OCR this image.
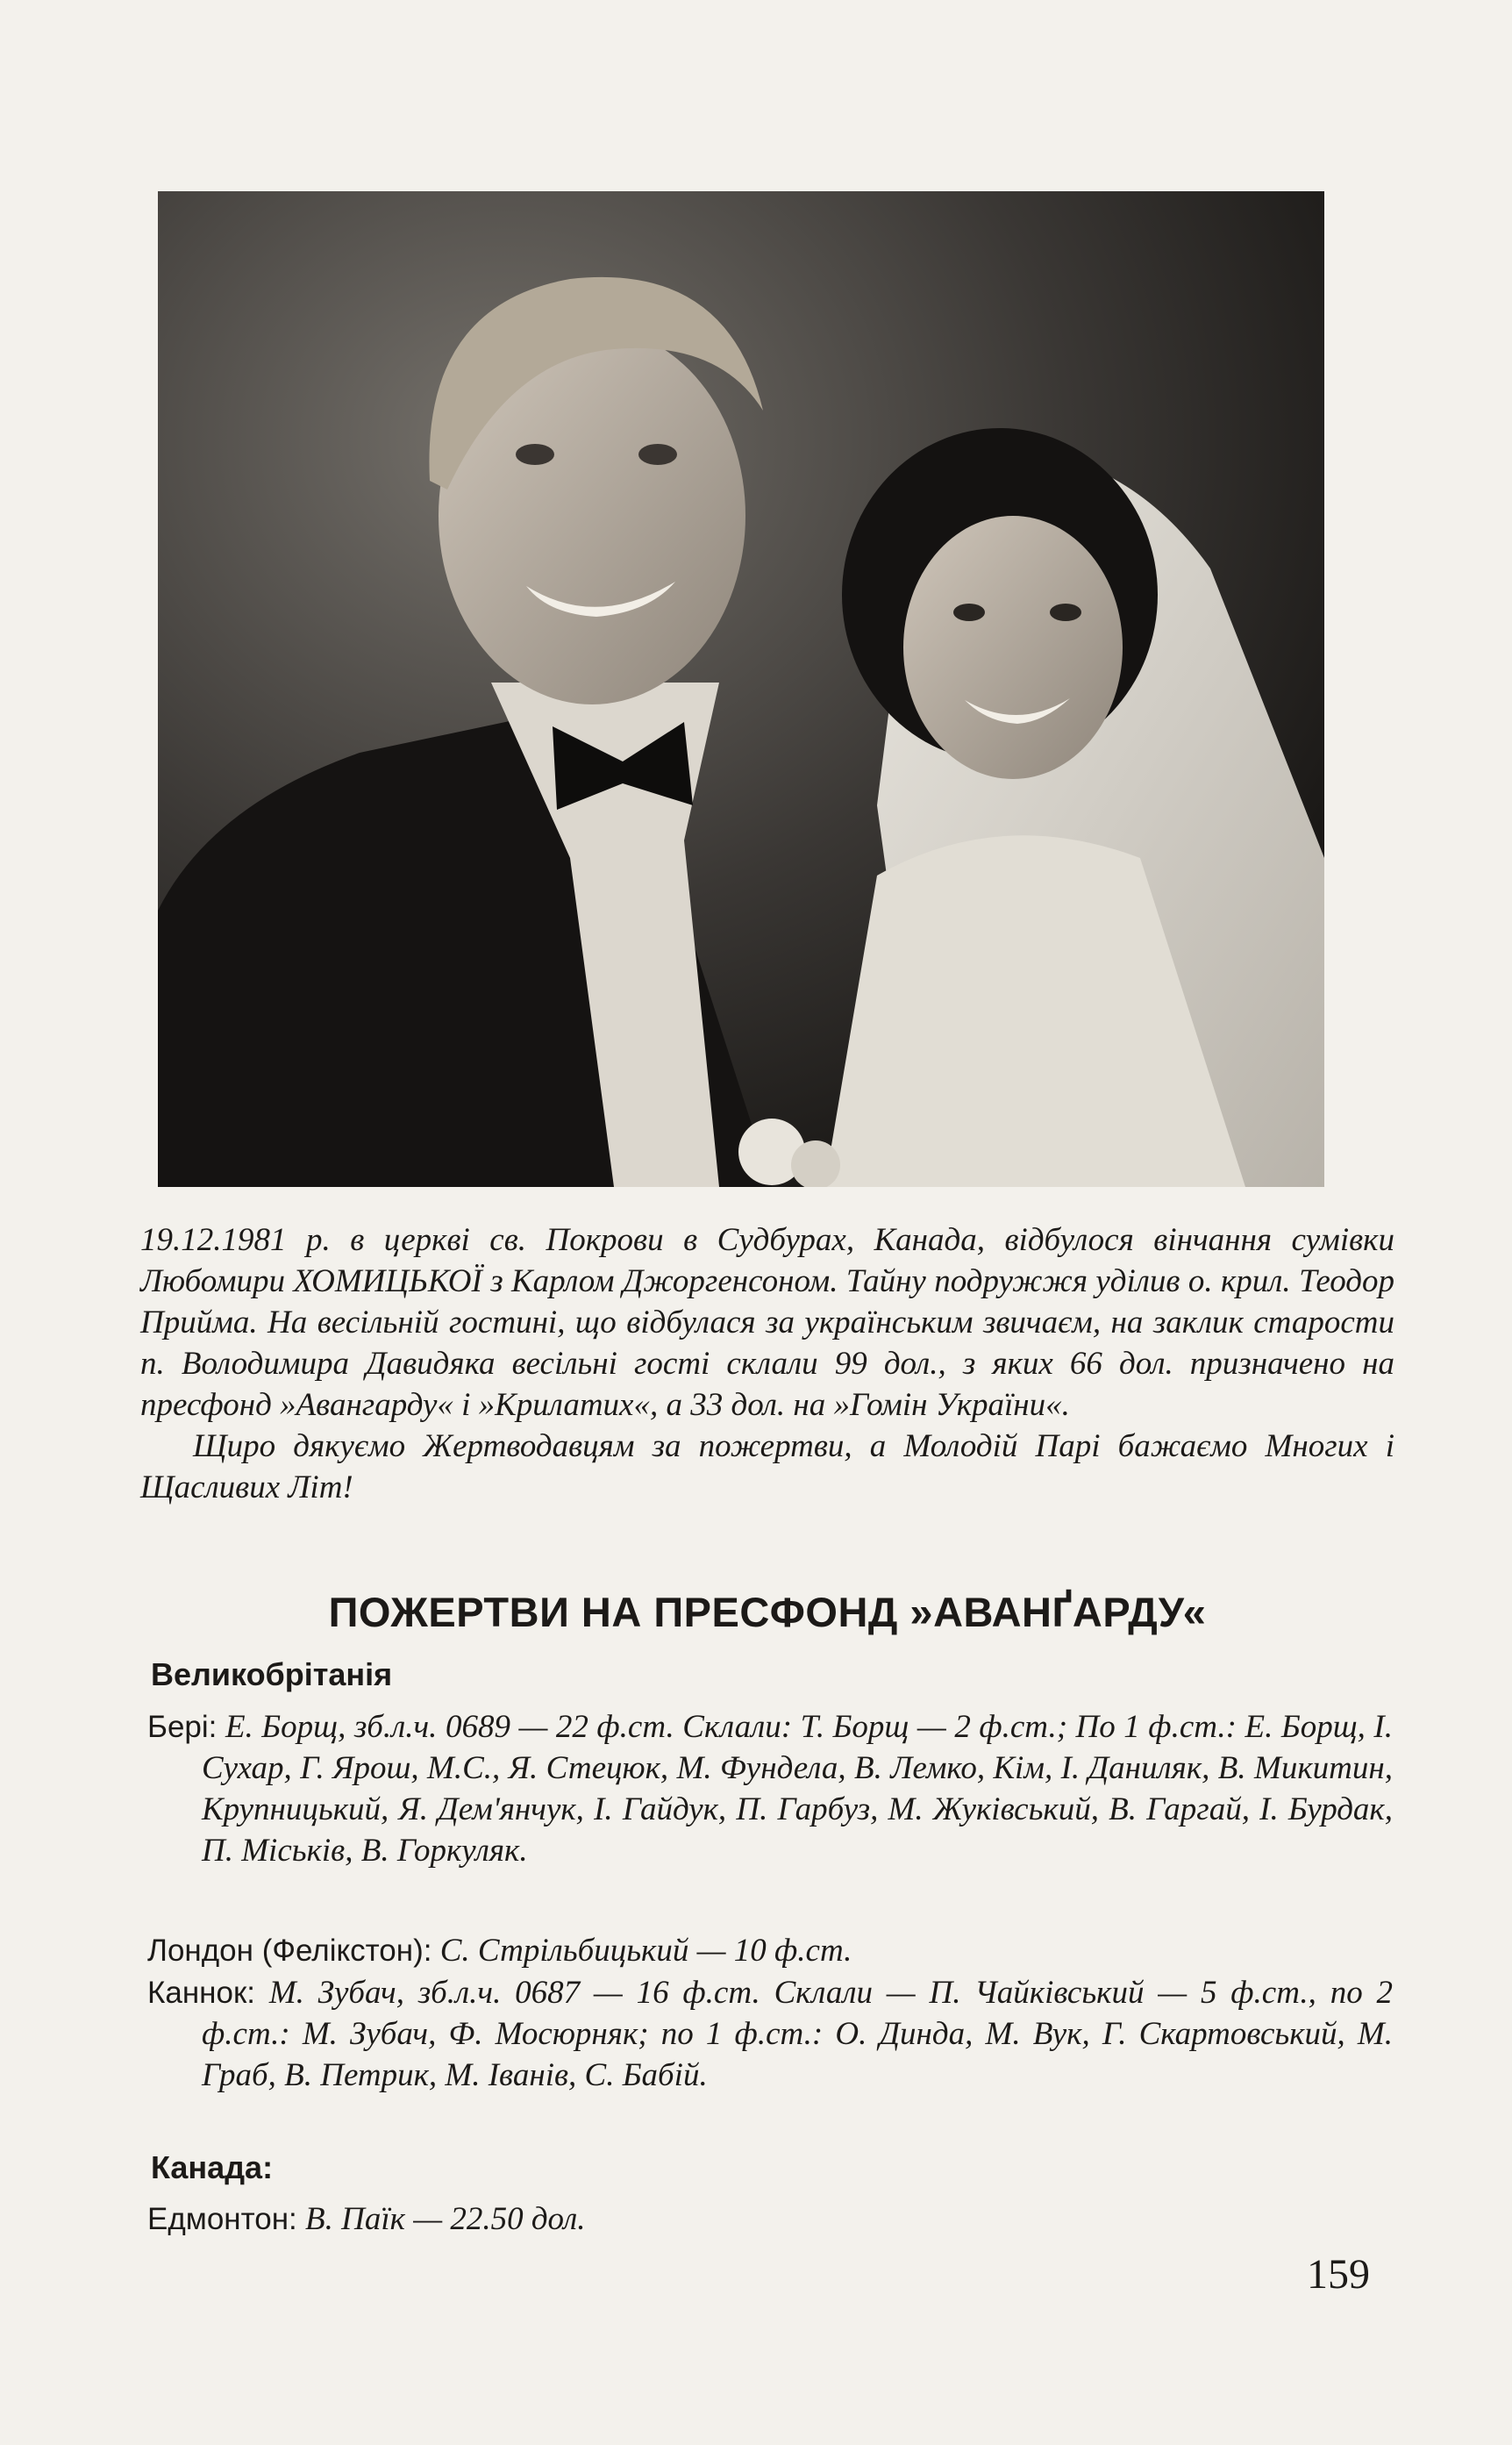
19.12.1981 р. в церкві св. Покрови в Судбурах, Канада, відбулося вінчання сумівки Любомири ХОМИЦЬКОЇ з Карлом Джоргенсоном. Тайну подружжя уділив о. крил. Теодор Приймa. На весільній гостині, що відбулася за українським звичаєм, на заклик старости п. Володимира Давидяка весільні гості склали 99 дол., з яких 66 дол. призначено на пресфонд »Авангарду« і »Крилатих«, а 33 дол. на »Гомін України«.

Щиро дякуємо Жертводавцям за пожертви, а Молодій Парі бажаємо Многих і Щасливих Літ!

ПОЖЕРТВИ НА ПРЕСФОНД »АВАНҐАРДУ«
Великобрітанія
Бері: Е. Борщ, зб.л.ч. 0689 — 22 ф.ст. Склали: Т. Борщ — 2 ф.ст.; По 1 ф.ст.: Е. Борщ, І. Сухар, Г. Ярош, М.С., Я. Стецюк, М. Фундела, В. Лемко, Кім, І. Даниляк, В. Микитин, Крупницький, Я. Дем'янчук, І. Гайдук, П. Гарбуз, М. Жуківський, В. Гаргай, І. Бурдак, П. Міськів, В. Горкуляк.
Лондон (Фелікстон): С. Стрільбицький — 10 ф.ст.
Каннок: М. Зубач, зб.л.ч. 0687 — 16 ф.ст. Склали — П. Чайківський — 5 ф.ст., по 2 ф.ст.: М. Зубач, Ф. Мосюрняк; по 1 ф.ст.: О. Динда, М. Вук, Г. Скартовський, М. Граб, В. Петрик, М. Іванів, С. Бабій.
Канада:
Едмонтон: В. Паїк — 22.50 дол.
159
